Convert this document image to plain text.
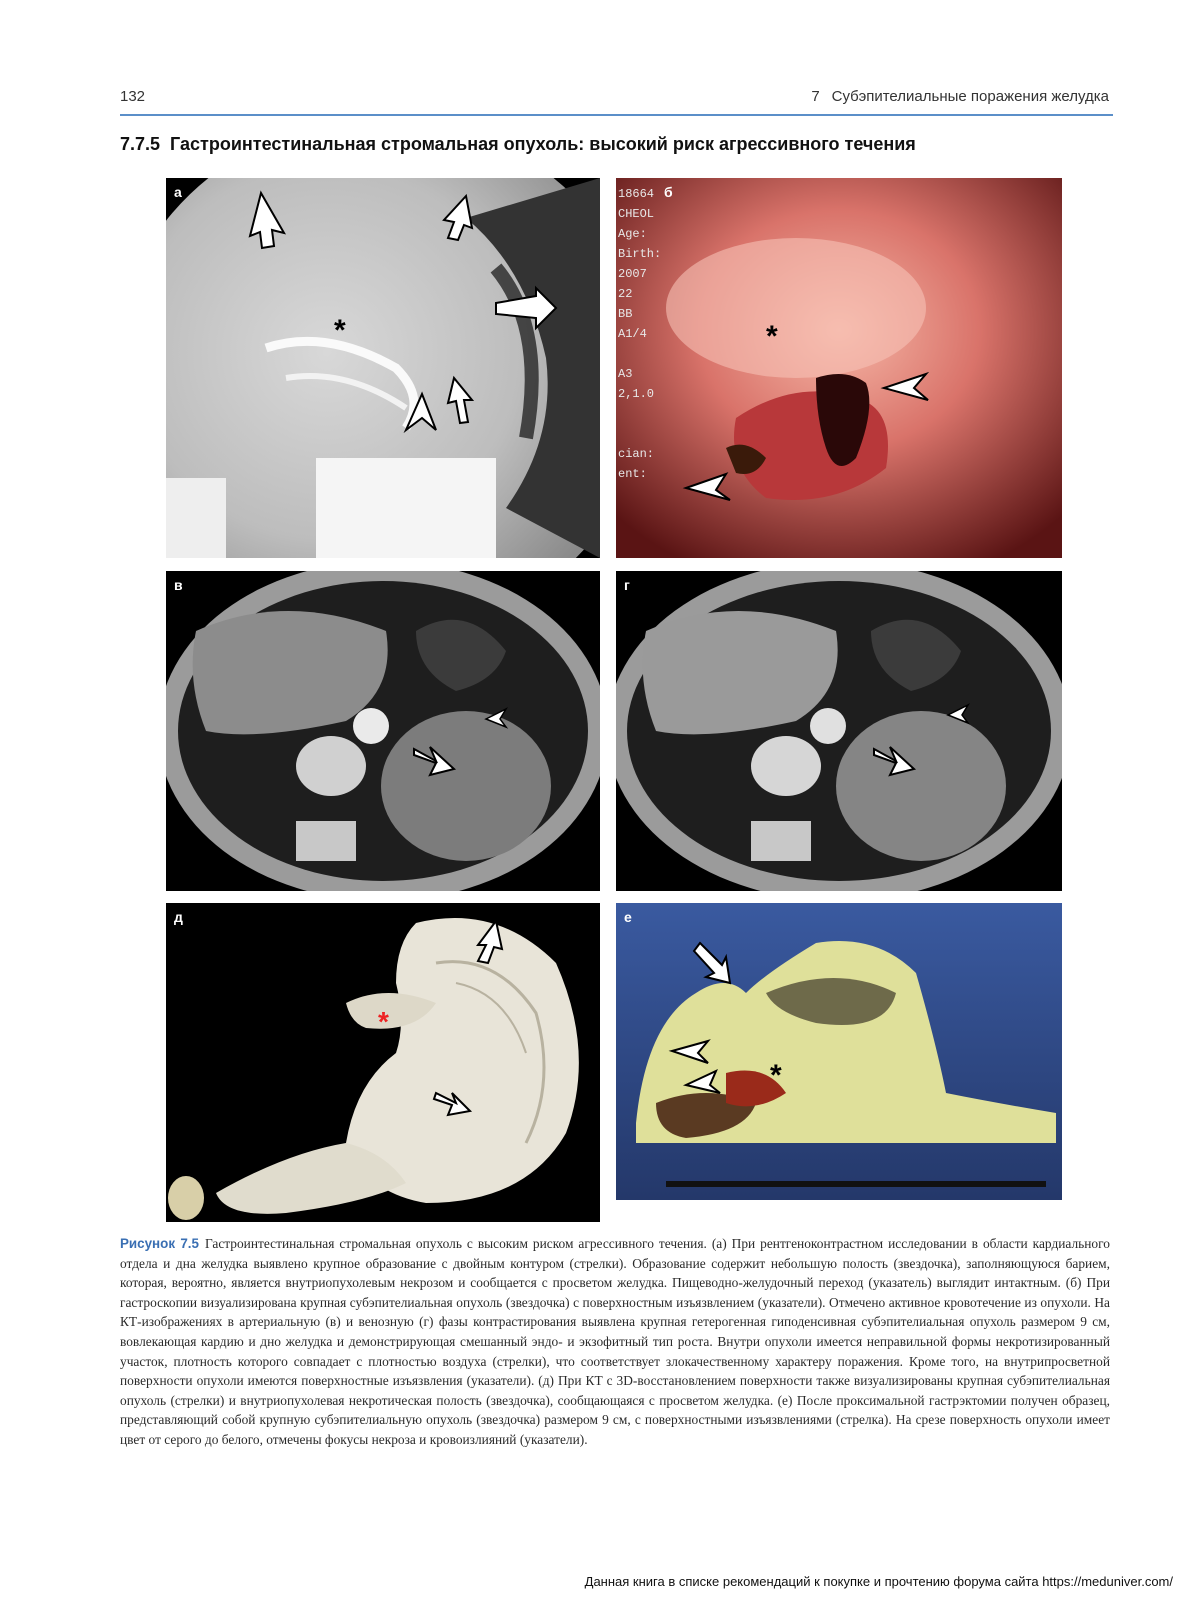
132	7 Субэпителиальные поражения желудка
7.7.5 Гастроинтестинальная стромальная опухоль: высокий риск агрессивного течения
а
*
б
18664
CHEOL
Age:
Birth:
2007
22
BB
A1/4

A3
2,1.0

cian:
ent:
*
в	г
д
*
е
*
Рисунок 7.5 Гастроинтестинальная стромальная опухоль с высоким риском агрессивного течения. (а) При рентгеноконтрастном исследовании в области кардиального отдела и дна желудка выявлено крупное образование с двойным контуром (стрелки). Образование содержит небольшую полость (звездочка), заполняющуюся барием, которая, вероятно, является внутриопухолевым некрозом и сообщается с просветом желудка. Пищеводно-желудочный переход (указатель) выглядит интактным. (б) При гастроскопии визуализирована крупная субэпителиальная опухоль (звездочка) с поверхностным изъязвлением (указатели). Отмечено активное кровотечение из опухоли. На КТ-изображениях в артериальную (в) и венозную (г) фазы контрастирования выявлена крупная гетерогенная гиподенсивная субэпителиальная опухоль размером 9 см, вовлекающая кардию и дно желудка и демонстрирующая смешанный эндо- и экзофитный тип роста. Внутри опухоли имеется неправильной формы некротизированный участок, плотность которого совпадает с плотностью воздуха (стрелки), что соответствует злокачественному характеру поражения. Кроме того, на внутрипросветной поверхности опухоли имеются поверхностные изъязвления (указатели). (д) При КТ с 3D-восстановлением поверхности также визуализированы крупная субэпителиальная опухоль (стрелки) и внутриопухолевая некротическая полость (звездочка), сообщающаяся с просветом желудка. (е) После проксимальной гастрэктомии получен образец, представляющий собой крупную субэпителиальную опухоль (звездочка) размером 9 см, с поверхностными изъязвлениями (стрелка). На срезе поверхность опухоли имеет цвет от серого до белого, отмечены фокусы некроза и кровоизлияний (указатели).
Данная книга в списке рекомендаций к покупке и прочтению форума сайта https://meduniver.com/
